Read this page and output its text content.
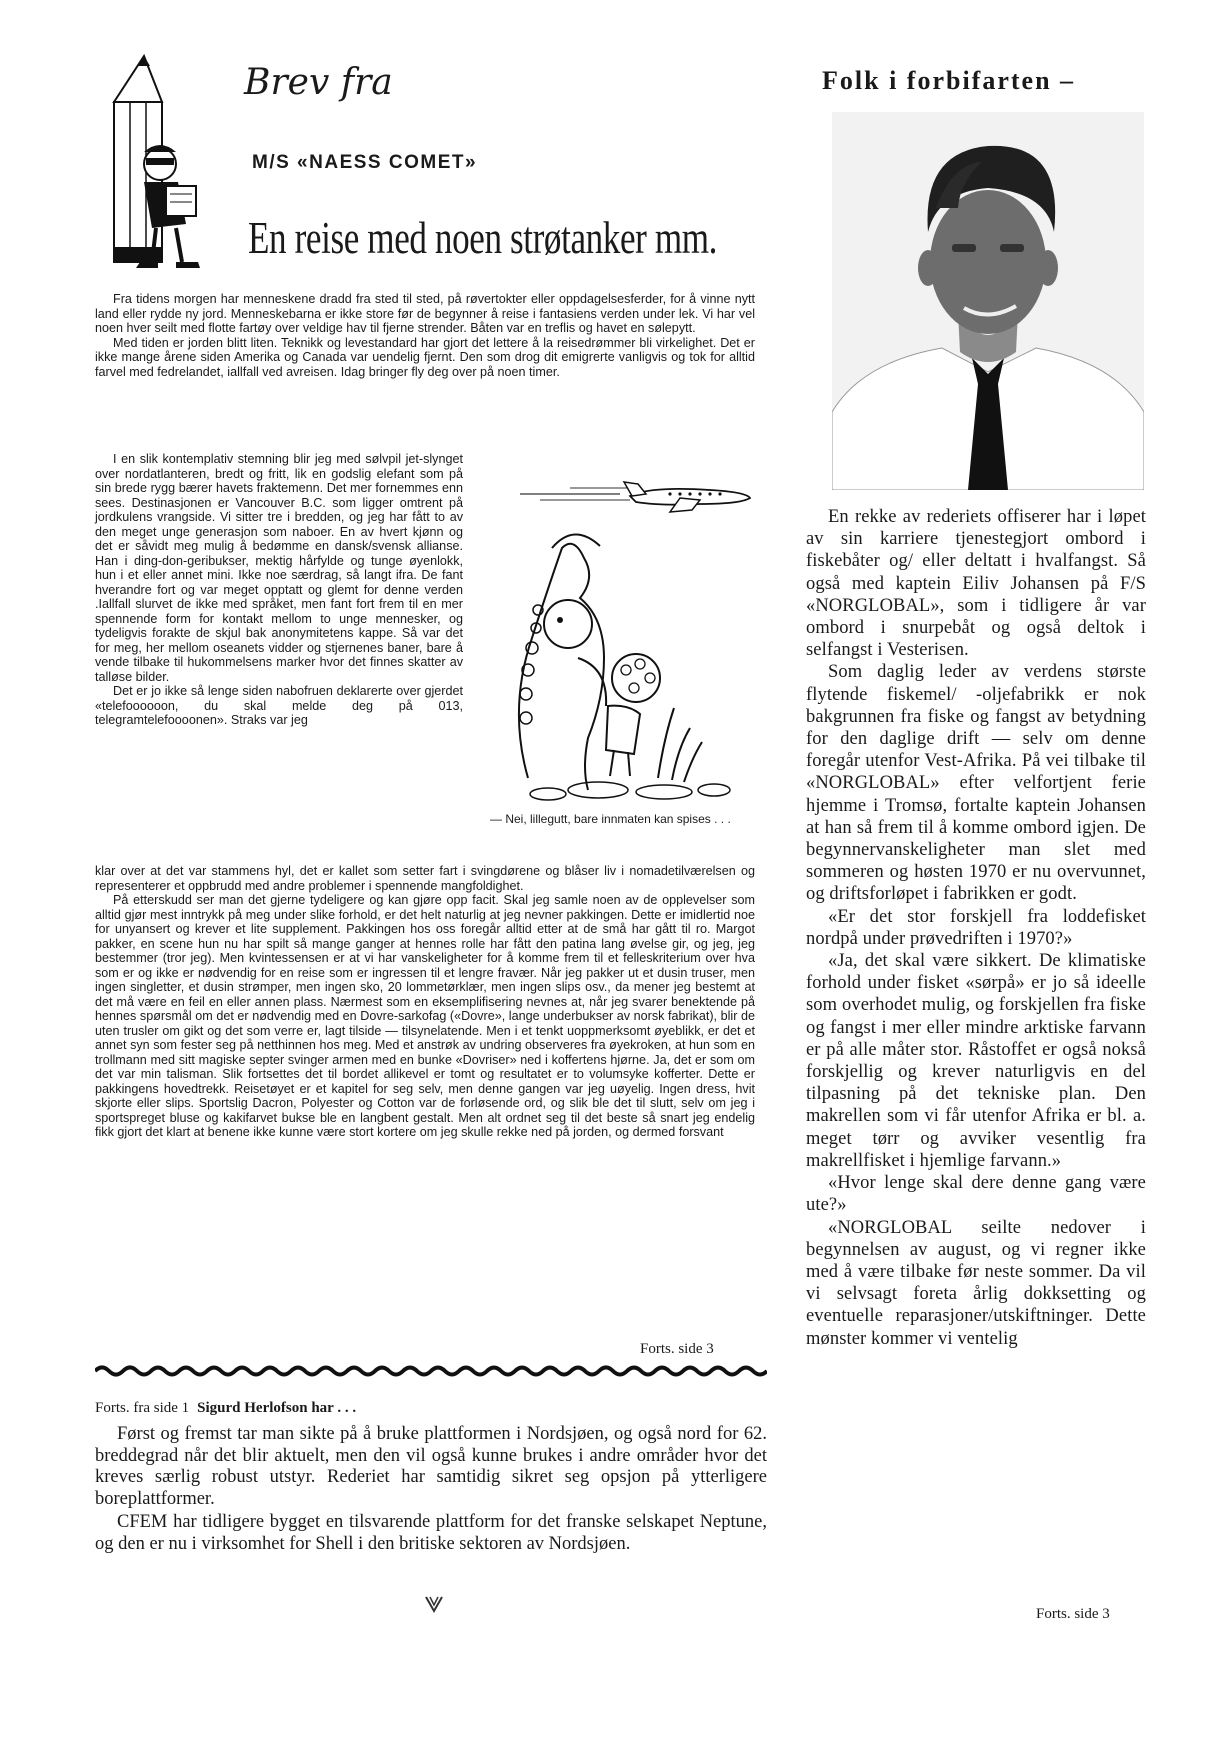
Brev fra
M/S «NAESS COMET»
En reise med noen strøtanker mm.

Fra tidens morgen har menneskene dradd fra sted til sted, på røvertokter eller oppdagelsesferder, for å vinne nytt land eller rydde ny jord. Menneskebarna er ikke store før de begynner å reise i fantasiens verden under lek. Vi har vel noen hver seilt med flotte fartøy over veldige hav til fjerne strender. Båten var en treflis og havet en sølepytt.

Med tiden er jorden blitt liten. Teknikk og levestandard har gjort det lettere å la reisedrømmer bli virkelighet. Det er ikke mange årene siden Amerika og Canada var uendelig fjernt. Den som drog dit emigrerte vanligvis og tok for alltid farvel med fedrelandet, iallfall ved avreisen. Idag bringer fly deg over på noen timer.

I en slik kontemplativ stemning blir jeg med sølvpil jet-slynget over nordatlanteren, bredt og fritt, lik en godslig elefant som på sin brede rygg bærer havets fraktemenn. Det mer fornemmes enn sees. Destinasjonen er Vancouver B.C. som ligger omtrent på jordkulens vrangside. Vi sitter tre i bredden, og jeg har fått to av den meget unge generasjon som naboer. En av hvert kjønn og det er såvidt meg mulig å bedømme en dansk/svensk allianse. Han i ding-don-geribukser, mektig hårfylde og tunge øyenlokk, hun i et eller annet mini. Ikke noe særdrag, så langt ifra. De fant hverandre fort og var meget opptatt og glemt for denne verden .Iallfall slurvet de ikke med språket, men fant fort frem til en mer spennende form for kontakt mellom to unge mennesker, og tydeligvis forakte de skjul bak anonymitetens kappe. Så var det for meg, her mellom oseanets vidder og stjernenes baner, bare å vende tilbake til hukommelsens marker hvor det finnes skatter av talløse bilder.

Det er jo ikke så lenge siden nabofruen deklarerte over gjerdet «telefoooooon, du skal melde deg på 013, telegramtelefoooonen». Straks var jeg

— Nei, lillegutt, bare innmaten kan spises . . .

klar over at det var stammens hyl, det er kallet som setter fart i svingdørene og blåser liv i nomadetilværelsen og representerer et oppbrudd med andre problemer i spennende mangfoldighet.

På etterskudd ser man det gjerne tydeligere og kan gjøre opp facit. Skal jeg samle noen av de opplevelser som alltid gjør mest inntrykk på meg under slike forhold, er det helt naturlig at jeg nevner pakkingen. Dette er imidlertid noe for unyansert og krever et lite supplement. Pakkingen hos oss foregår alltid etter at de små har gått til ro. Margot pakker, en scene hun nu har spilt så mange ganger at hennes rolle har fått den patina lang øvelse gir, og jeg, jeg bestemmer (tror jeg). Men kvintessensen er at vi har vanskeligheter for å komme frem til et felleskriterium over hva som er og ikke er nødvendig for en reise som er ingressen til et lengre fravær. Når jeg pakker ut et dusin truser, men ingen singletter, et dusin strømper, men ingen sko, 20 lommetørklær, men ingen slips osv., da mener jeg bestemt at det må være en feil en eller annen plass. Nærmest som en eksemplifisering nevnes at, når jeg svarer benektende på hennes spørsmål om det er nødvendig med en Dovre-sarkofag («Dovre», lange underbukser av norsk fabrikat), blir de uten trusler om gikt og det som verre er, lagt tilside — tilsynelatende. Men i et tenkt uoppmerksomt øyeblikk, er det et annet syn som fester seg på netthinnen hos meg. Med et anstrøk av undring observeres fra øyekroken, at hun som en trollmann med sitt magiske septer svinger armen med en bunke «Dovriser» ned i koffertens hjørne. Ja, det er som om det var min talisman. Slik fortsettes det til bordet allikevel er tomt og resultatet er to volumsyke kofferter. Dette er pakkingens hovedtrekk. Reisetøyet er et kapitel for seg selv, men denne gangen var jeg uøyelig. Ingen dress, hvit skjorte eller slips. Sportslig Dacron, Polyester og Cotton var de forløsende ord, og slik ble det til slutt, selv om jeg i sportspreget bluse og kakifarvet bukse ble en langbent gestalt. Men alt ordnet seg til det beste så snart jeg endelig fikk gjort det klart at benene ikke kunne være stort kortere om jeg skulle rekke ned på jorden, og dermed forsvant

Forts. side 3
Forts. fra side 1 Sigurd Herlofson har . . .

Først og fremst tar man sikte på å bruke plattformen i Nordsjøen, og også nord for 62. breddegrad når det blir aktuelt, men den vil også kunne brukes i andre områder hvor det kreves særlig robust utstyr. Rederiet har samtidig sikret seg opsjon på ytterligere boreplattformer.

CFEM har tidligere bygget en tilsvarende plattform for det franske selskapet Neptune, og den er nu i virksomhet for Shell i den britiske sektoren av Nordsjøen.

Folk i forbifarten –

En rekke av rederiets offiserer har i løpet av sin karriere tjenestegjort ombord i fiskebåter og/ eller deltatt i hvalfangst. Så også med kaptein Eiliv Johansen på F/S «NORGLOBAL», som i tidligere år var ombord i snurpebåt og også deltok i selfangst i Vesterisen.

Som daglig leder av verdens største flytende fiskemel/ -oljefabrikk er nok bakgrunnen fra fiske og fangst av betydning for den daglige drift — selv om denne foregår utenfor Vest-Afrika. På vei tilbake til «NORGLOBAL» efter velfortjent ferie hjemme i Tromsø, fortalte kaptein Johansen at han så frem til å komme ombord igjen. De begynnervanskeligheter man slet med sommeren og høsten 1970 er nu overvunnet, og driftsforløpet i fabrikken er godt.

«Er det stor forskjell fra loddefisket nordpå under prøvedriften i 1970?»

«Ja, det skal være sikkert. De klimatiske forhold under fisket «sørpå» er jo så ideelle som overhodet mulig, og forskjellen fra fiske og fangst i mer eller mindre arktiske farvann er på alle måter stor. Råstoffet er også nokså forskjellig og krever naturligvis en del tilpasning på det tekniske plan. Den makrellen som vi får utenfor Afrika er bl. a. meget tørr og avviker vesentlig fra makrellfisket i hjemlige farvann.»

«Hvor lenge skal dere denne gang være ute?»

«NORGLOBAL seilte nedover i begynnelsen av august, og vi regner ikke med å være tilbake før neste sommer. Da vil vi selvsagt foreta årlig dokksetting og eventuelle reparasjoner/utskiftninger. Dette mønster kommer vi ventelig

Forts. side 3
